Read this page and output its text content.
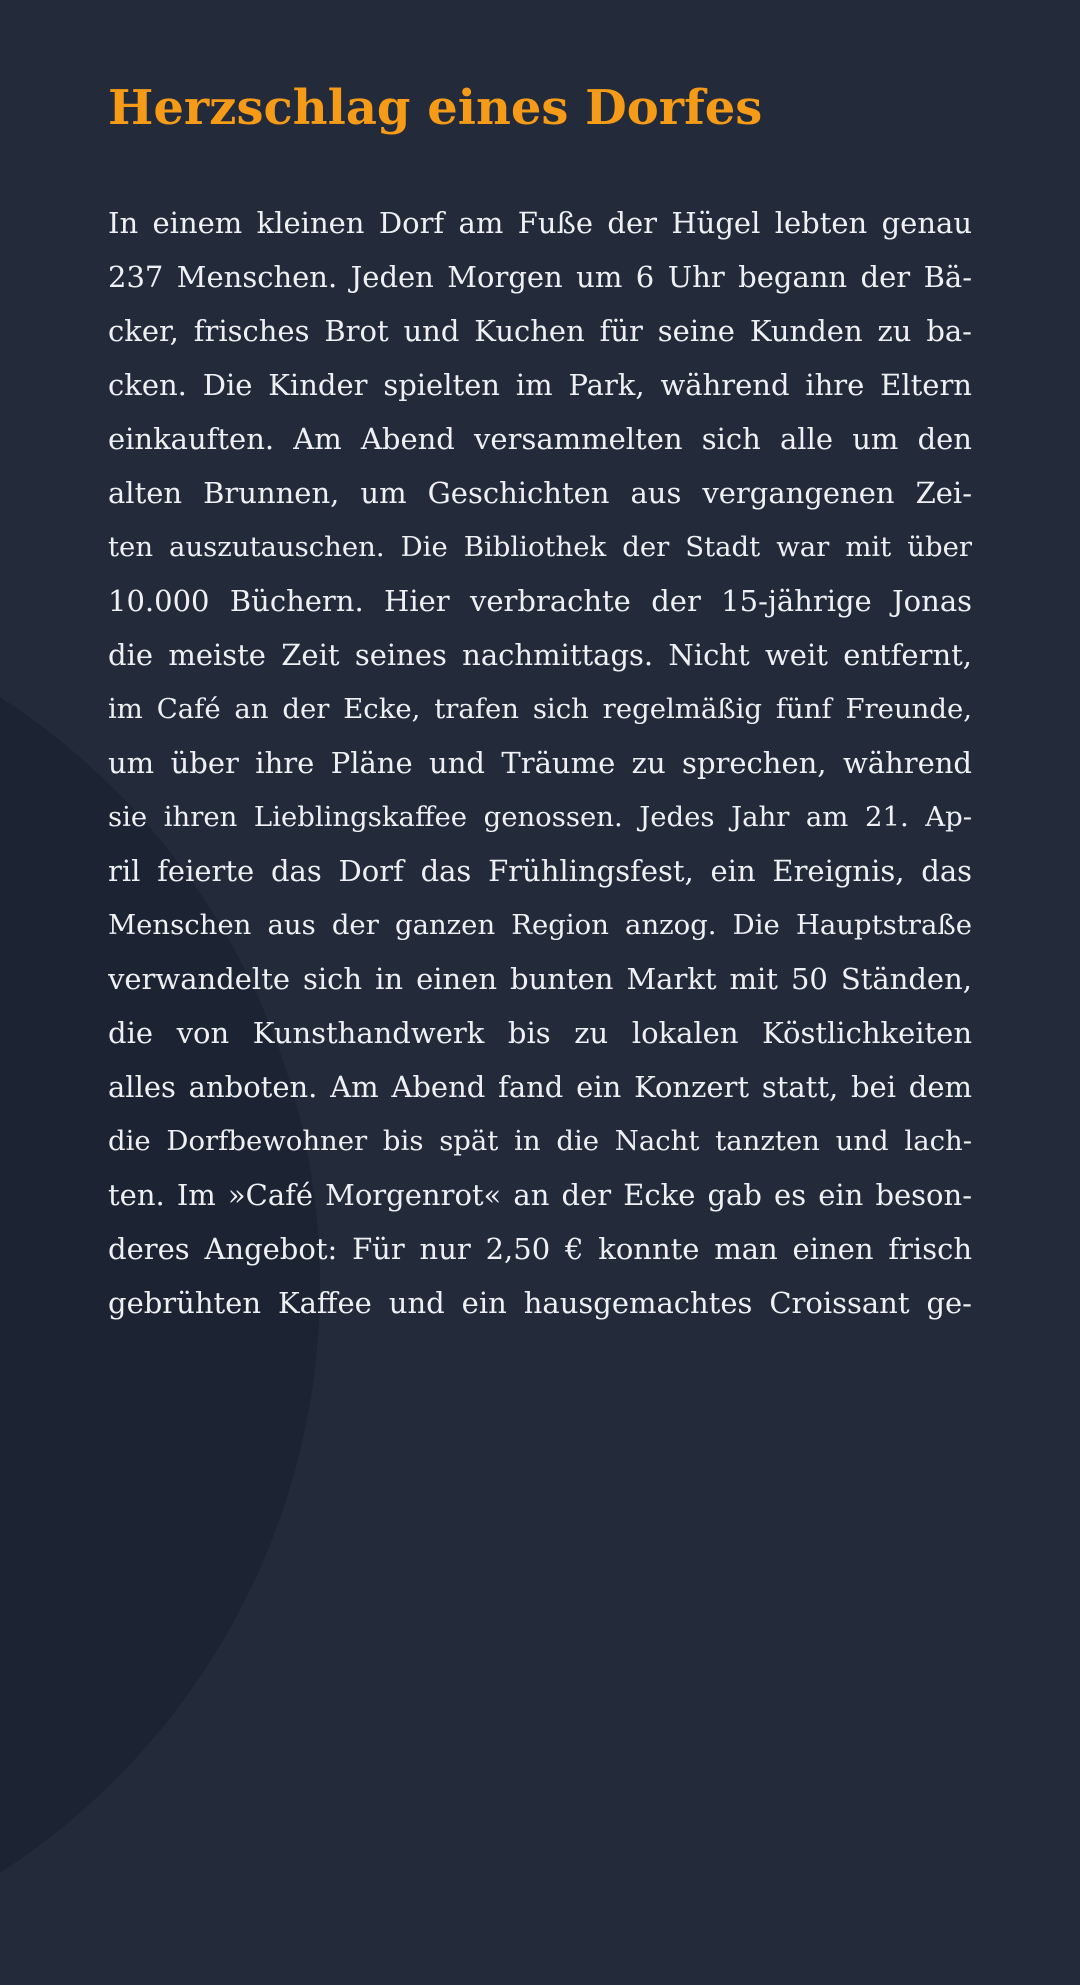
Herzschlag eines Dorfes
In einem kleinen Dorf am Fuße der Hügel lebten genau
237 Menschen. Jeden Morgen um 6 Uhr begann der Bä-
cker, frisches Brot und Kuchen für seine Kunden zu ba-
cken. Die Kinder spielten im Park, während ihre Eltern
einkauften. Am Abend versammelten sich alle um den
alten Brunnen, um Geschichten aus vergangenen Zei-
ten auszutauschen. Die Bibliothek der Stadt war mit über
10.000 Büchern. Hier verbrachte der 15-jährige Jonas
die meiste Zeit seines nachmittags. Nicht weit entfernt,
im Café an der Ecke, trafen sich regelmäßig fünf Freunde,
um über ihre Pläne und Träume zu sprechen, während
sie ihren Lieblingskaffee genossen. Jedes Jahr am 21. Ap-
ril feierte das Dorf das Frühlingsfest, ein Ereignis, das
Menschen aus der ganzen Region anzog. Die Hauptstraße
verwandelte sich in einen bunten Markt mit 50 Ständen,
die von Kunsthandwerk bis zu lokalen Köstlichkeiten
alles anboten. Am Abend fand ein Konzert statt, bei dem
die Dorfbewohner bis spät in die Nacht tanzten und lach-
ten. Im »Café Morgenrot« an der Ecke gab es ein beson-
deres Angebot: Für nur 2,50 € konnte man einen frisch
gebrühten Kaffee und ein hausgemachtes Croissant ge-
